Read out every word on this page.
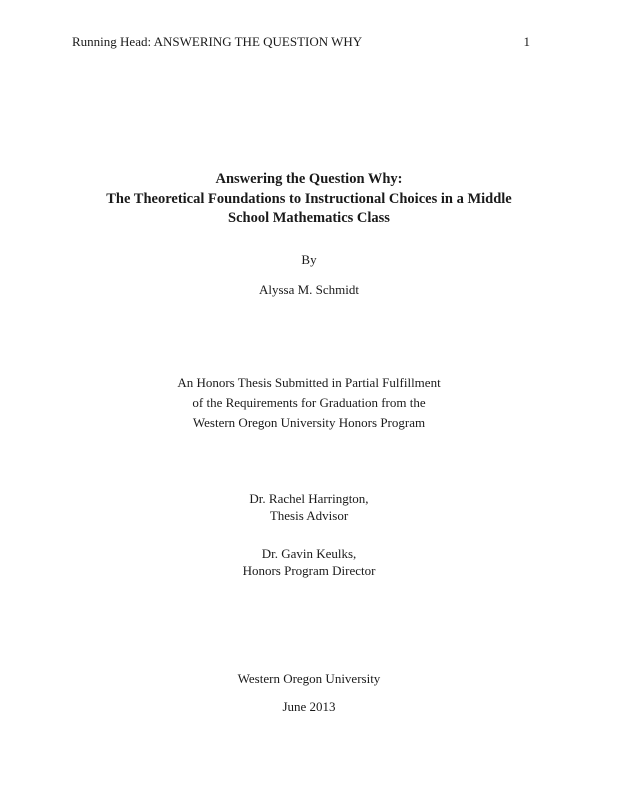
Running Head: ANSWERING THE QUESTION WHY	1
Answering the Question Why:
The Theoretical Foundations to Instructional Choices in a Middle
School Mathematics Class
By
Alyssa M. Schmidt
An Honors Thesis Submitted in Partial Fulfillment
of the Requirements for Graduation from the
Western Oregon University Honors Program
Dr. Rachel Harrington,
Thesis Advisor
Dr. Gavin Keulks,
Honors Program Director
Western Oregon University
June 2013
